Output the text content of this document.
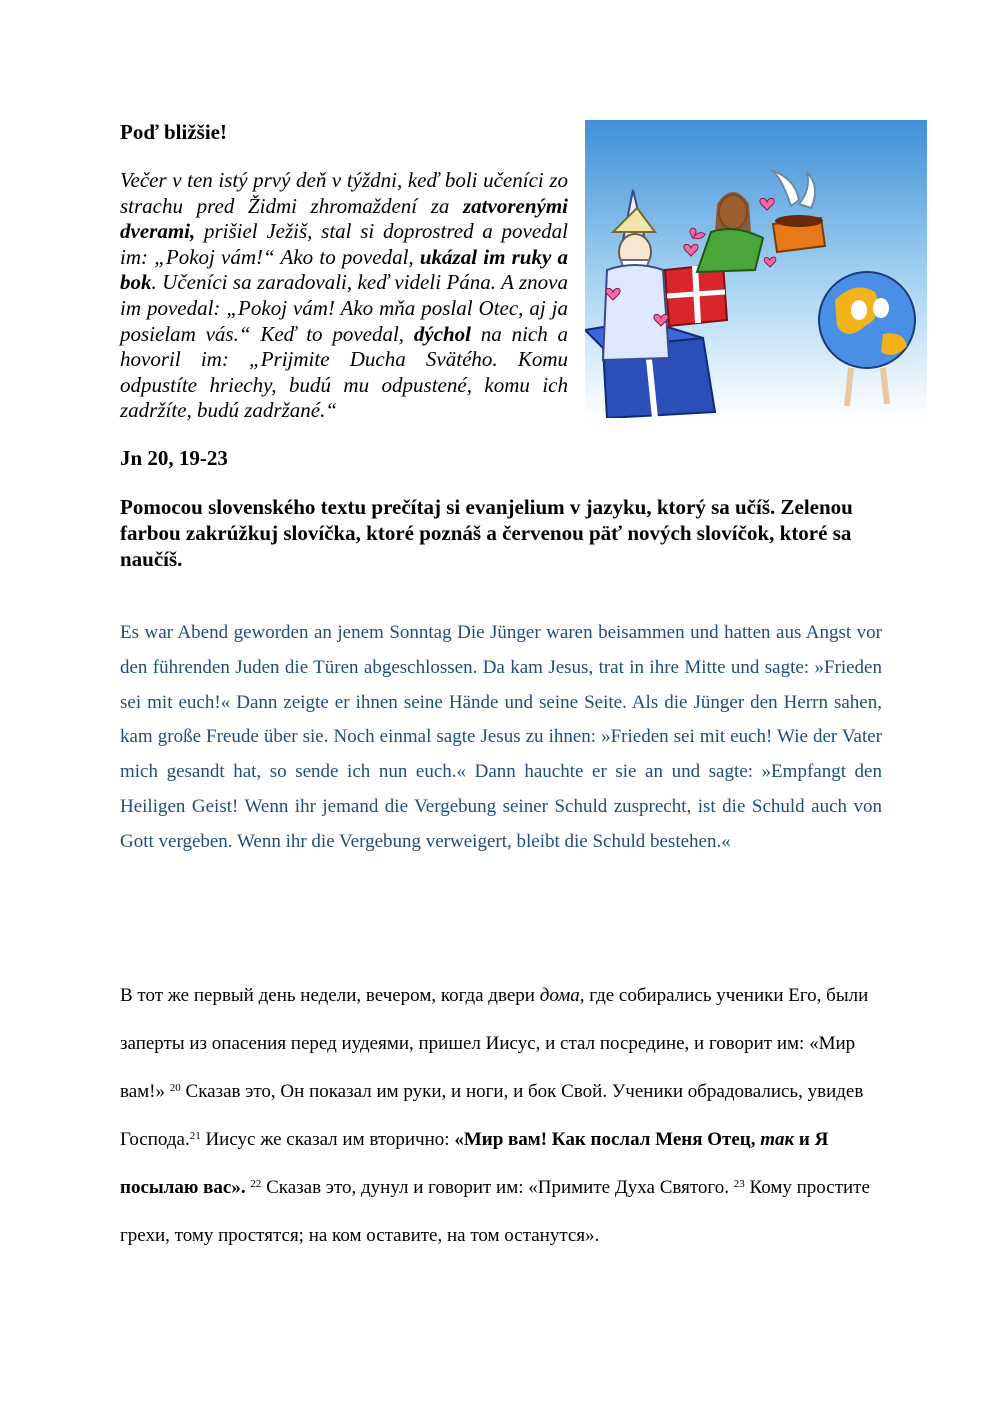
Poď bližšie!

Večer v ten istý prvý deň v týždni, keď boli učeníci zo strachu pred Židmi zhromaždení za zatvorenými dverami, prišiel Ježiš, stal si doprostred a povedal im: „Pokoj vám!“ Ako to povedal, ukázal im ruky a bok. Učeníci sa zaradovali, keď videli Pána. A znova im povedal: „Pokoj vám! Ako mňa poslal Otec, aj ja posielam vás.“ Keď to povedal, dýchol na nich a hovoril im: „Prijmite Ducha Svätého. Komu odpustíte hriechy, budú mu odpustené, komu ich zadržíte, budú zadržané.“

Jn 20, 19-23

Pomocou slovenského textu prečítaj si evanjelium v jazyku, ktorý sa učíš. Zelenou farbou zakrúžkuj slovíčka, ktoré poznáš a červenou päť nových slovíčok, ktoré sa naučíš.

Es war Abend geworden an jenem Sonntag Die Jünger waren beisammen und hatten aus Angst vor den führenden Juden die Türen abgeschlossen. Da kam Jesus, trat in ihre Mitte und sagte: »Frieden sei mit euch!« Dann zeigte er ihnen seine Hände und seine Seite. Als die Jünger den Herrn sahen, kam große Freude über sie. Noch einmal sagte Jesus zu ihnen: »Frieden sei mit euch! Wie der Vater mich gesandt hat, so sende ich nun euch.« Dann hauchte er sie an und sagte: »Empfangt den Heiligen Geist! Wenn ihr jemand die Vergebung seiner Schuld zusprecht, ist die Schuld auch von Gott vergeben. Wenn ihr die Vergebung verweigert, bleibt die Schuld bestehen.«

В тот же первый день недели, вечером, когда двери дома, где собирались ученики Его, были заперты из опасения перед иудеями, пришел Иисус, и стал посредине, и говорит им: «Мир вам!» $^{20}$ Сказав это, Он показал им руки, и ноги, и бок Свой. Ученики обрадовались, увидев Господа.$^{21}$ Иисус же сказал им вторично: «Мир вам! Как послал Меня Отец, так и Я посылаю вас». $^{22}$ Сказав это, дунул и говорит им: «Примите Духа Святого. $^{23}$ Кому простите грехи, тому простятся; на ком оставите, на том останутся».
